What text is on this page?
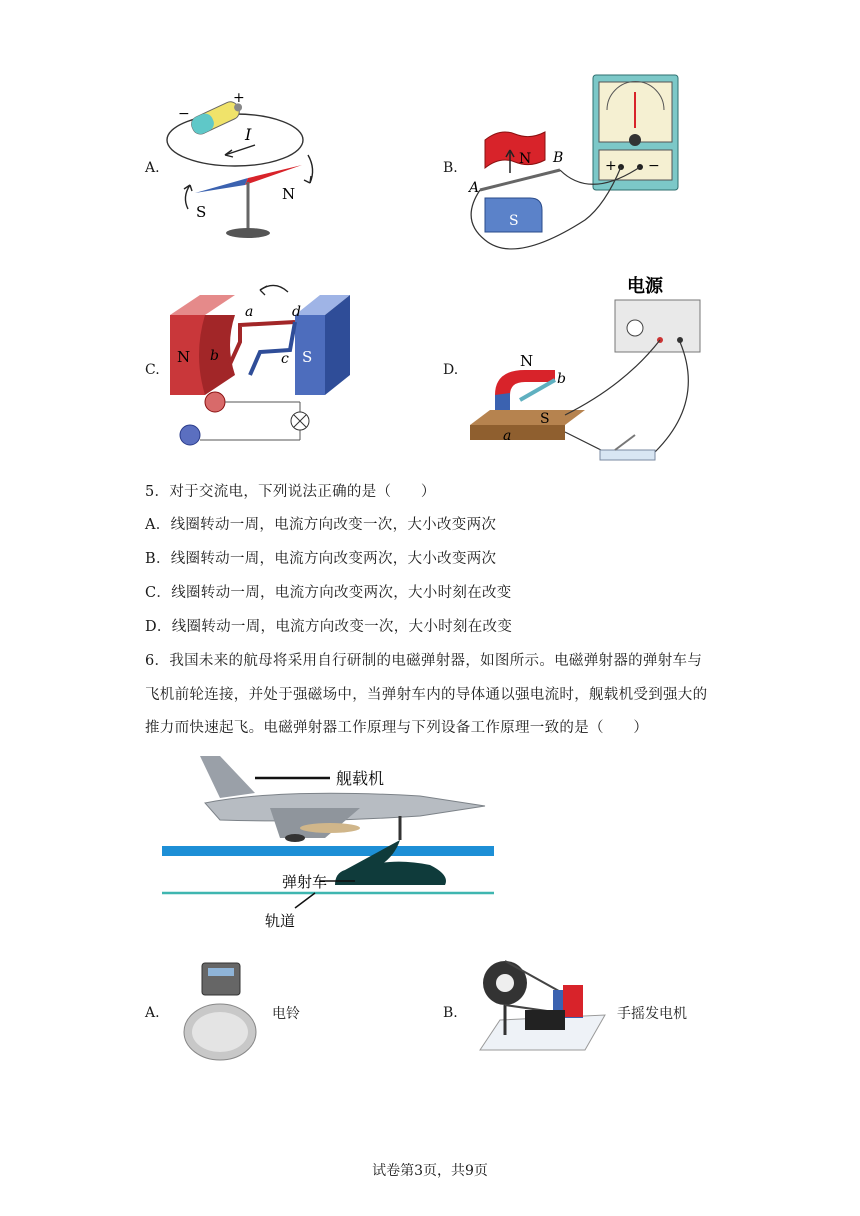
A.
−
+
I
S
N
B.	+ −
N
S
A
B
C.
N	S
a	d
b	c
D.
电源
a
N
S
b
5．对于交流电，下列说法正确的是（　　）
A．线圈转动一周，电流方向改变一次，大小改变两次
B．线圈转动一周，电流方向改变两次，大小改变两次
C．线圈转动一周，电流方向改变两次，大小时刻在改变
D．线圈转动一周，电流方向改变一次，大小时刻在改变
6．我国未来的航母将采用自行研制的电磁弹射器，如图所示。电磁弹射器的弹射车与
飞机前轮连接，并处于强磁场中，当弹射车内的导体通以强电流时，舰载机受到强大的
推力而快速起飞。电磁弹射器工作原理与下列设备工作原理一致的是（　　）
舰载机
弹射车
轨道
A.	电铃	B.	手摇发电机
试卷第3页，共9页
